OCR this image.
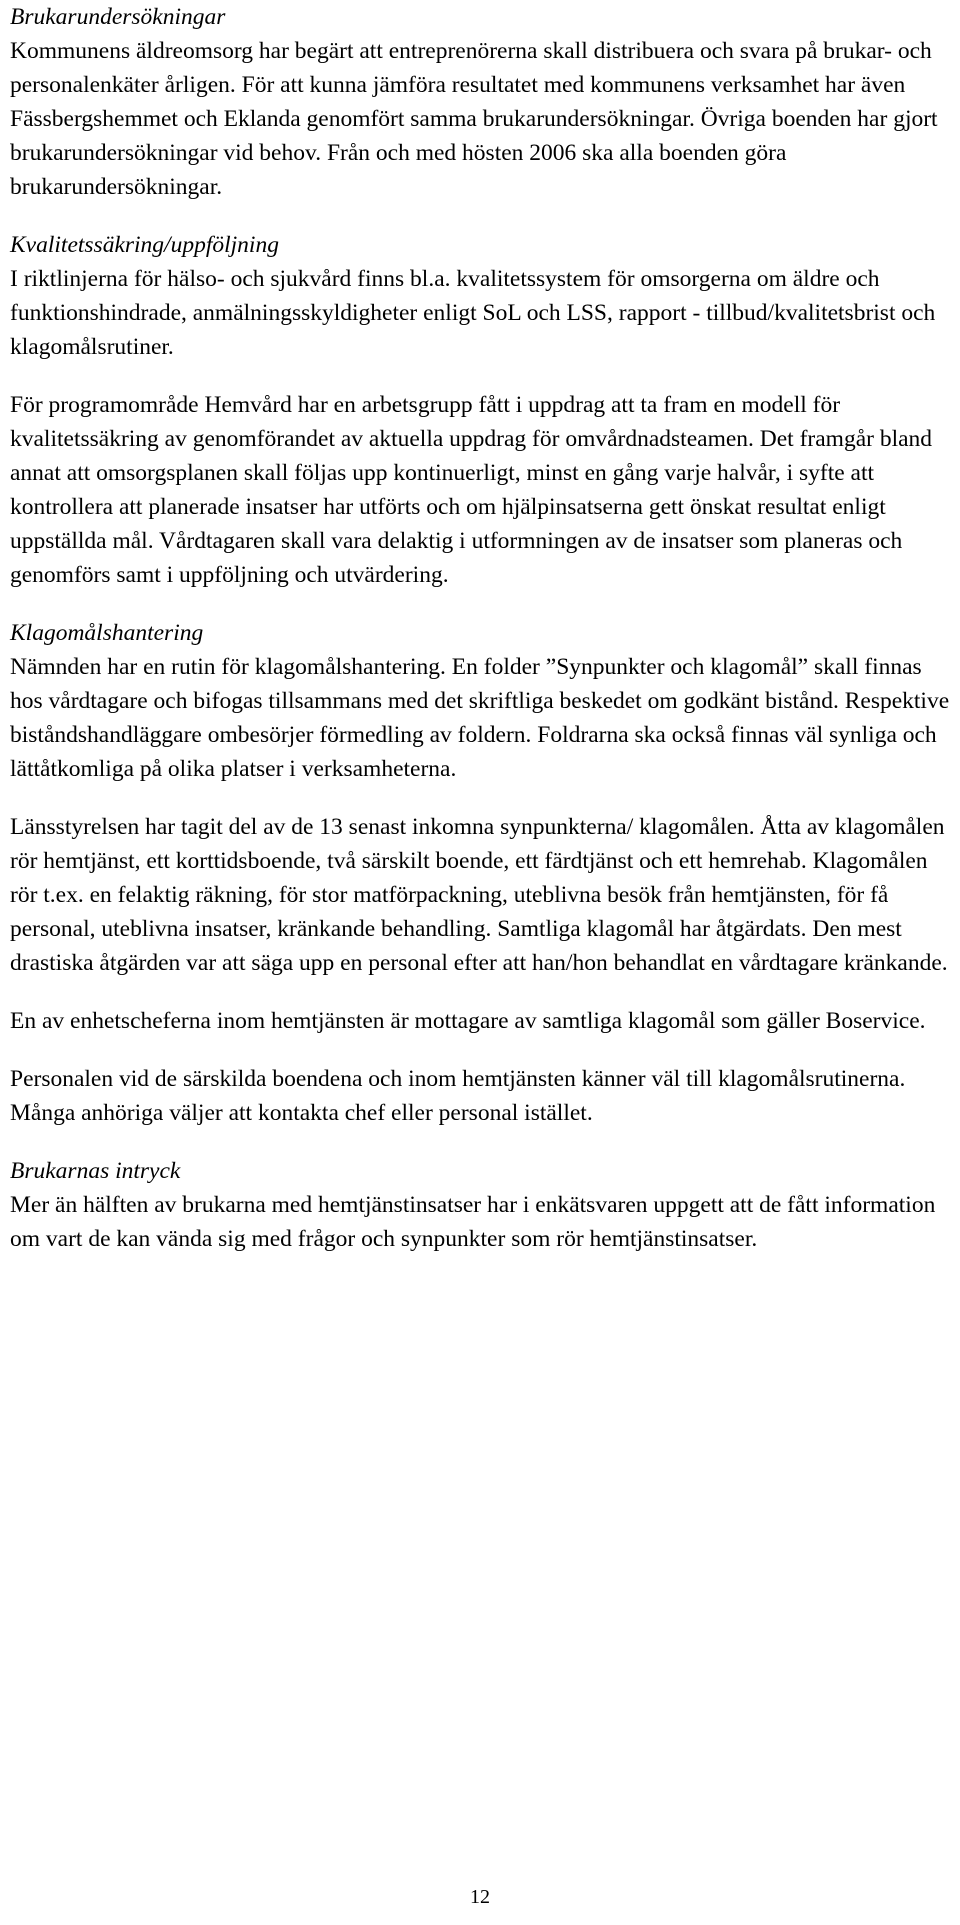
Brukarundersökningar

Kommunens äldreomsorg har begärt att entreprenörerna skall distribuera och svara på brukar- och personalenkäter årligen. För att kunna jämföra resultatet med kommunens verksamhet har även Fässbergshemmet och Eklanda genomfört samma brukarundersökningar. Övriga boenden har gjort brukarundersökningar vid behov. Från och med hösten 2006 ska alla boenden göra brukarundersökningar.

Kvalitetssäkring/uppföljning

I riktlinjerna för hälso- och sjukvård finns bl.a. kvalitetssystem för omsorgerna om äldre och funktionshindrade, anmälningsskyldigheter enligt SoL och LSS, rapport - tillbud/kvalitetsbrist och klagomålsrutiner.

För programområde Hemvård har en arbetsgrupp fått i uppdrag att ta fram en modell för kvalitetssäkring av genomförandet av aktuella uppdrag för omvårdnadsteamen. Det framgår bland annat att omsorgsplanen skall följas upp kontinuerligt, minst en gång varje halvår, i syfte att kontrollera att planerade insatser har utförts och om hjälpinsatserna gett önskat resultat enligt uppställda mål. Vårdtagaren skall vara delaktig i utformningen av de insatser som planeras och genomförs samt i uppföljning och utvärdering.

Klagomålshantering

Nämnden har en rutin för klagomålshantering. En folder ”Synpunkter och klagomål” skall finnas hos vårdtagare och bifogas tillsammans med det skriftliga beskedet om godkänt bistånd. Respektive biståndshandläggare ombesörjer förmedling av foldern. Foldrarna ska också finnas väl synliga och lättåtkomliga på olika platser i verksamheterna.

Länsstyrelsen har tagit del av de 13 senast inkomna synpunkterna/ klagomålen. Åtta av klagomålen rör hemtjänst, ett korttidsboende, två särskilt boende, ett färdtjänst och ett hemrehab. Klagomålen rör t.ex. en felaktig räkning, för stor matförpackning, uteblivna besök från hemtjänsten, för få personal, uteblivna insatser, kränkande behandling. Samtliga klagomål har åtgärdats. Den mest drastiska åtgärden var att säga upp en personal efter att han/hon behandlat en vårdtagare kränkande.

En av enhetscheferna inom hemtjänsten är mottagare av samtliga klagomål som gäller Boservice.

Personalen vid de särskilda boendena och inom hemtjänsten känner väl till klagomålsrutinerna. Många anhöriga väljer att kontakta chef eller personal istället.

Brukarnas intryck

Mer än hälften av brukarna med hemtjänstinsatser har i enkätsvaren uppgett att de fått information om vart de kan vända sig med frågor och synpunkter som rör hemtjänstinsatser.

12
